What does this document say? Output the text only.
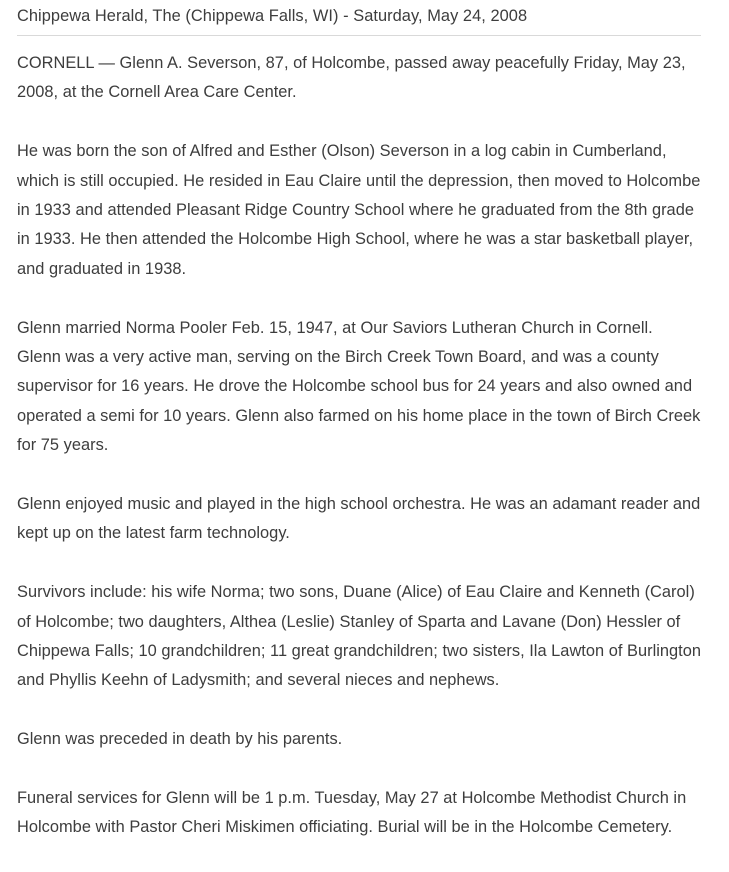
Chippewa Herald, The (Chippewa Falls, WI) - Saturday, May 24, 2008

CORNELL — Glenn A. Severson, 87, of Holcombe, passed away peacefully Friday, May 23, 2008, at the Cornell Area Care Center.

He was born the son of Alfred and Esther (Olson) Severson in a log cabin in Cumberland, which is still occupied. He resided in Eau Claire until the depression, then moved to Holcombe in 1933 and attended Pleasant Ridge Country School where he graduated from the 8th grade in 1933. He then attended the Holcombe High School, where he was a star basketball player, and graduated in 1938.

Glenn married Norma Pooler Feb. 15, 1947, at Our Saviors Lutheran Church in Cornell. Glenn was a very active man, serving on the Birch Creek Town Board, and was a county supervisor for 16 years. He drove the Holcombe school bus for 24 years and also owned and operated a semi for 10 years. Glenn also farmed on his home place in the town of Birch Creek for 75 years.

Glenn enjoyed music and played in the high school orchestra. He was an adamant reader and kept up on the latest farm technology.

Survivors include: his wife Norma; two sons, Duane (Alice) of Eau Claire and Kenneth (Carol) of Holcombe; two daughters, Althea (Leslie) Stanley of Sparta and Lavane (Don) Hessler of Chippewa Falls; 10 grandchildren; 11 great grandchildren; two sisters, Ila Lawton of Burlington and Phyllis Keehn of Ladysmith; and several nieces and nephews.

Glenn was preceded in death by his parents.

Funeral services for Glenn will be 1 p.m. Tuesday, May 27 at Holcombe Methodist Church in Holcombe with Pastor Cheri Miskimen officiating. Burial will be in the Holcombe Cemetery.
